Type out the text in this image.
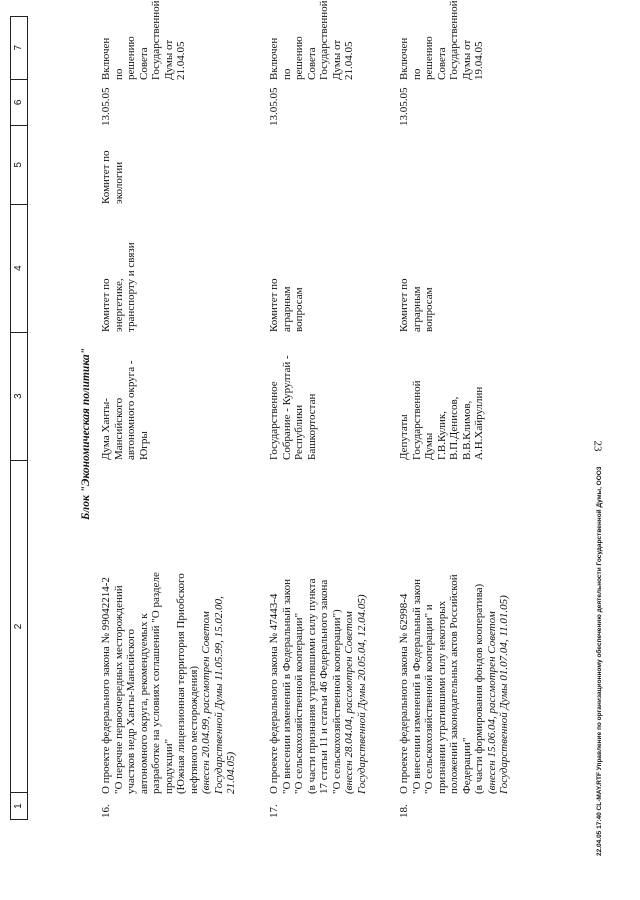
23
1
2
3
4
5
6
7
Блок "Экономическая политика"
16.
О проекте федерального закона № 99042214-2 "О перечне первоочередных месторождений участков недр Ханты-Мансийского автономного округа, рекомендуемых к разработке на условиях соглашений "О разделе продукции" (Южная лицензионная территория Приобского нефтяного месторождения) (внесен 20.04.99, рассмотрен Советом Государственной Думы 11.05.99, 15.02.00, 21.04.05)
Дума Ханты- Мансийского автономного округа - Югры
Комитет по энергетике, транспорту и связи
Комитет по экологии
13.05.05
Включен по решению Совета Государственной Думы от 21.04.05
17.
О проекте федерального закона № 47443-4 "О внесении изменений в Федеральный закон "О сельскохозяйственной кооперации" (в части признания утратившими силу пункта 17 статьи 11 и статьи 46 Федерального закона "О сельскохозяйственной кооперации") (внесен 28.04.04, рассмотрен Советом Государственной Думы 20.05.04, 12.04.05)
Государственное Собрание - Курултай - Республики Башкортостан
Комитет по аграрным вопросам
13.05.05
Включен по решению Совета Государственной Думы от 21.04.05
18.
О проекте федерального закона № 62998-4 "О внесении изменений в Федеральный закон "О сельскохозяйственной кооперации" и признании утратившими силу некоторых положений законодательных актов Российской Федерации" (в части формирования фондов кооператива) (внесен 15.06.04, рассмотрен Советом Государственной Думы 01.07.04, 11.01.05)
Депутаты Государственной Думы Г.В.Кулик, В.П.Денисов, В.В.Климов, А.Н.Хайруллин
Комитет по аграрным вопросам
13.05.05
Включен по решению Совета Государственной Думы от 19.04.05
22.04.05 17:40 CL-MAY.RTF Управление по организационному обеспечению деятельности Государственной Думы, ООО3
